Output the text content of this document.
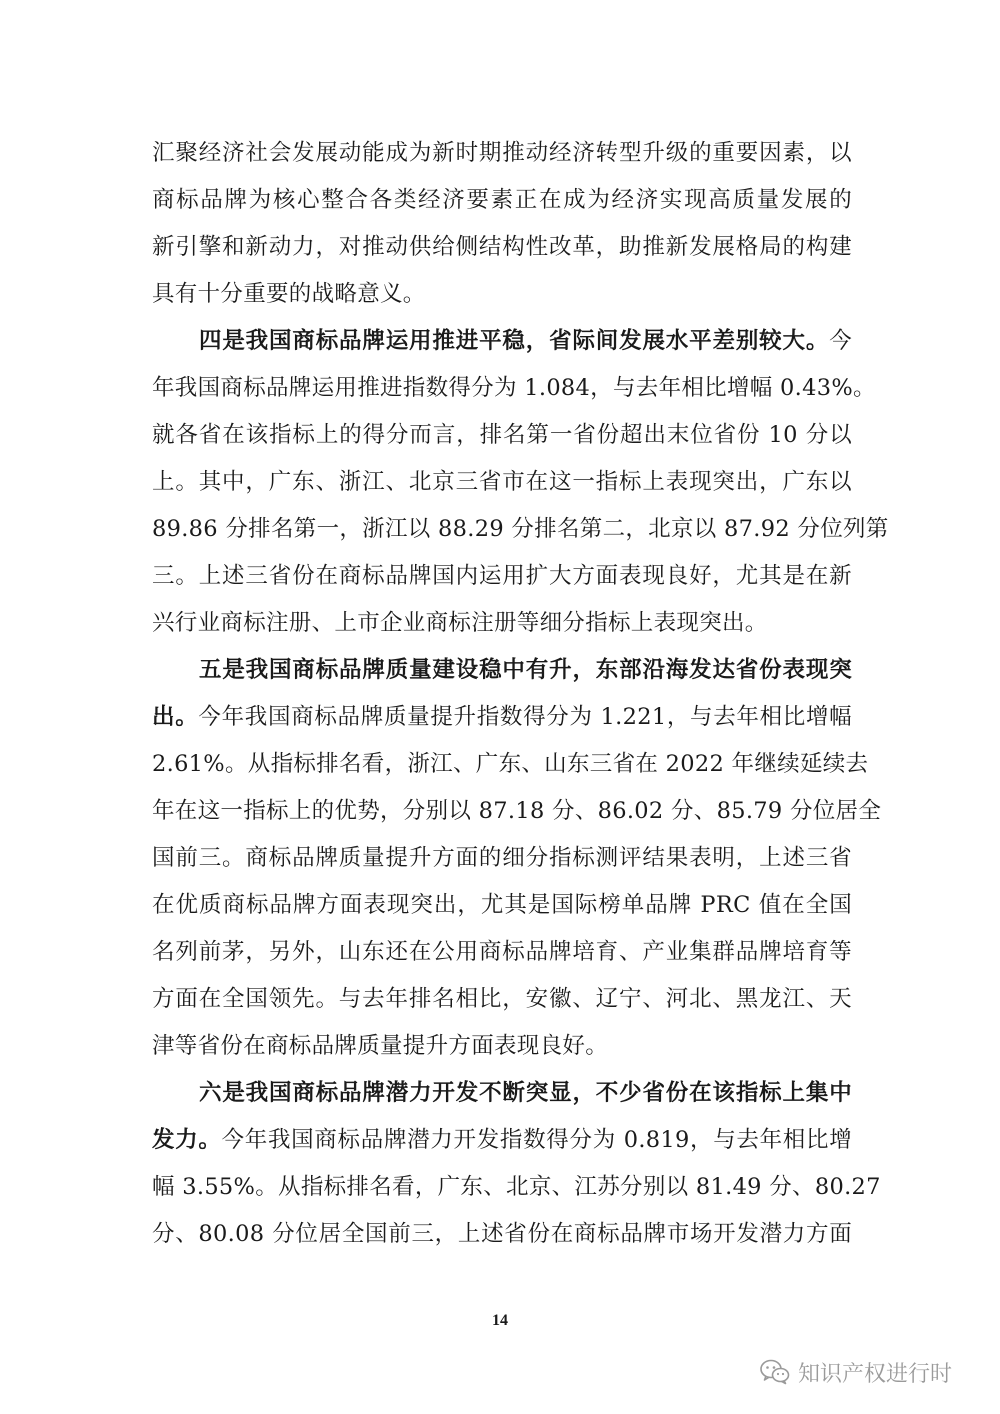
汇聚经济社会发展动能成为新时期推动经济转型升级的重要因素，以
商标品牌为核心整合各类经济要素正在成为经济实现高质量发展的
新引擎和新动力，对推动供给侧结构性改革，助推新发展格局的构建
具有十分重要的战略意义。
四是我国商标品牌运用推进平稳，省际间发展水平差别较大。今
年我国商标品牌运用推进指数得分为 1.084，与去年相比增幅 0.43%。
就各省在该指标上的得分而言，排名第一省份超出末位省份 10 分以
上。其中，广东、浙江、北京三省市在这一指标上表现突出，广东以
89.86 分排名第一，浙江以 88.29 分排名第二，北京以 87.92 分位列第
三。上述三省份在商标品牌国内运用扩大方面表现良好，尤其是在新
兴行业商标注册、上市企业商标注册等细分指标上表现突出。
五是我国商标品牌质量建设稳中有升，东部沿海发达省份表现突
出。今年我国商标品牌质量提升指数得分为 1.221，与去年相比增幅
2.61%。从指标排名看，浙江、广东、山东三省在 2022 年继续延续去
年在这一指标上的优势，分别以 87.18 分、86.02 分、85.79 分位居全
国前三。商标品牌质量提升方面的细分指标测评结果表明，上述三省
在优质商标品牌方面表现突出，尤其是国际榜单品牌 PRC 值在全国
名列前茅，另外，山东还在公用商标品牌培育、产业集群品牌培育等
方面在全国领先。与去年排名相比，安徽、辽宁、河北、黑龙江、天
津等省份在商标品牌质量提升方面表现良好。
六是我国商标品牌潜力开发不断突显，不少省份在该指标上集中
发力。今年我国商标品牌潜力开发指数得分为 0.819，与去年相比增
幅 3.55%。从指标排名看，广东、北京、江苏分别以 81.49 分、80.27
分、80.08 分位居全国前三，上述省份在商标品牌市场开发潜力方面
14
知识产权进行时
